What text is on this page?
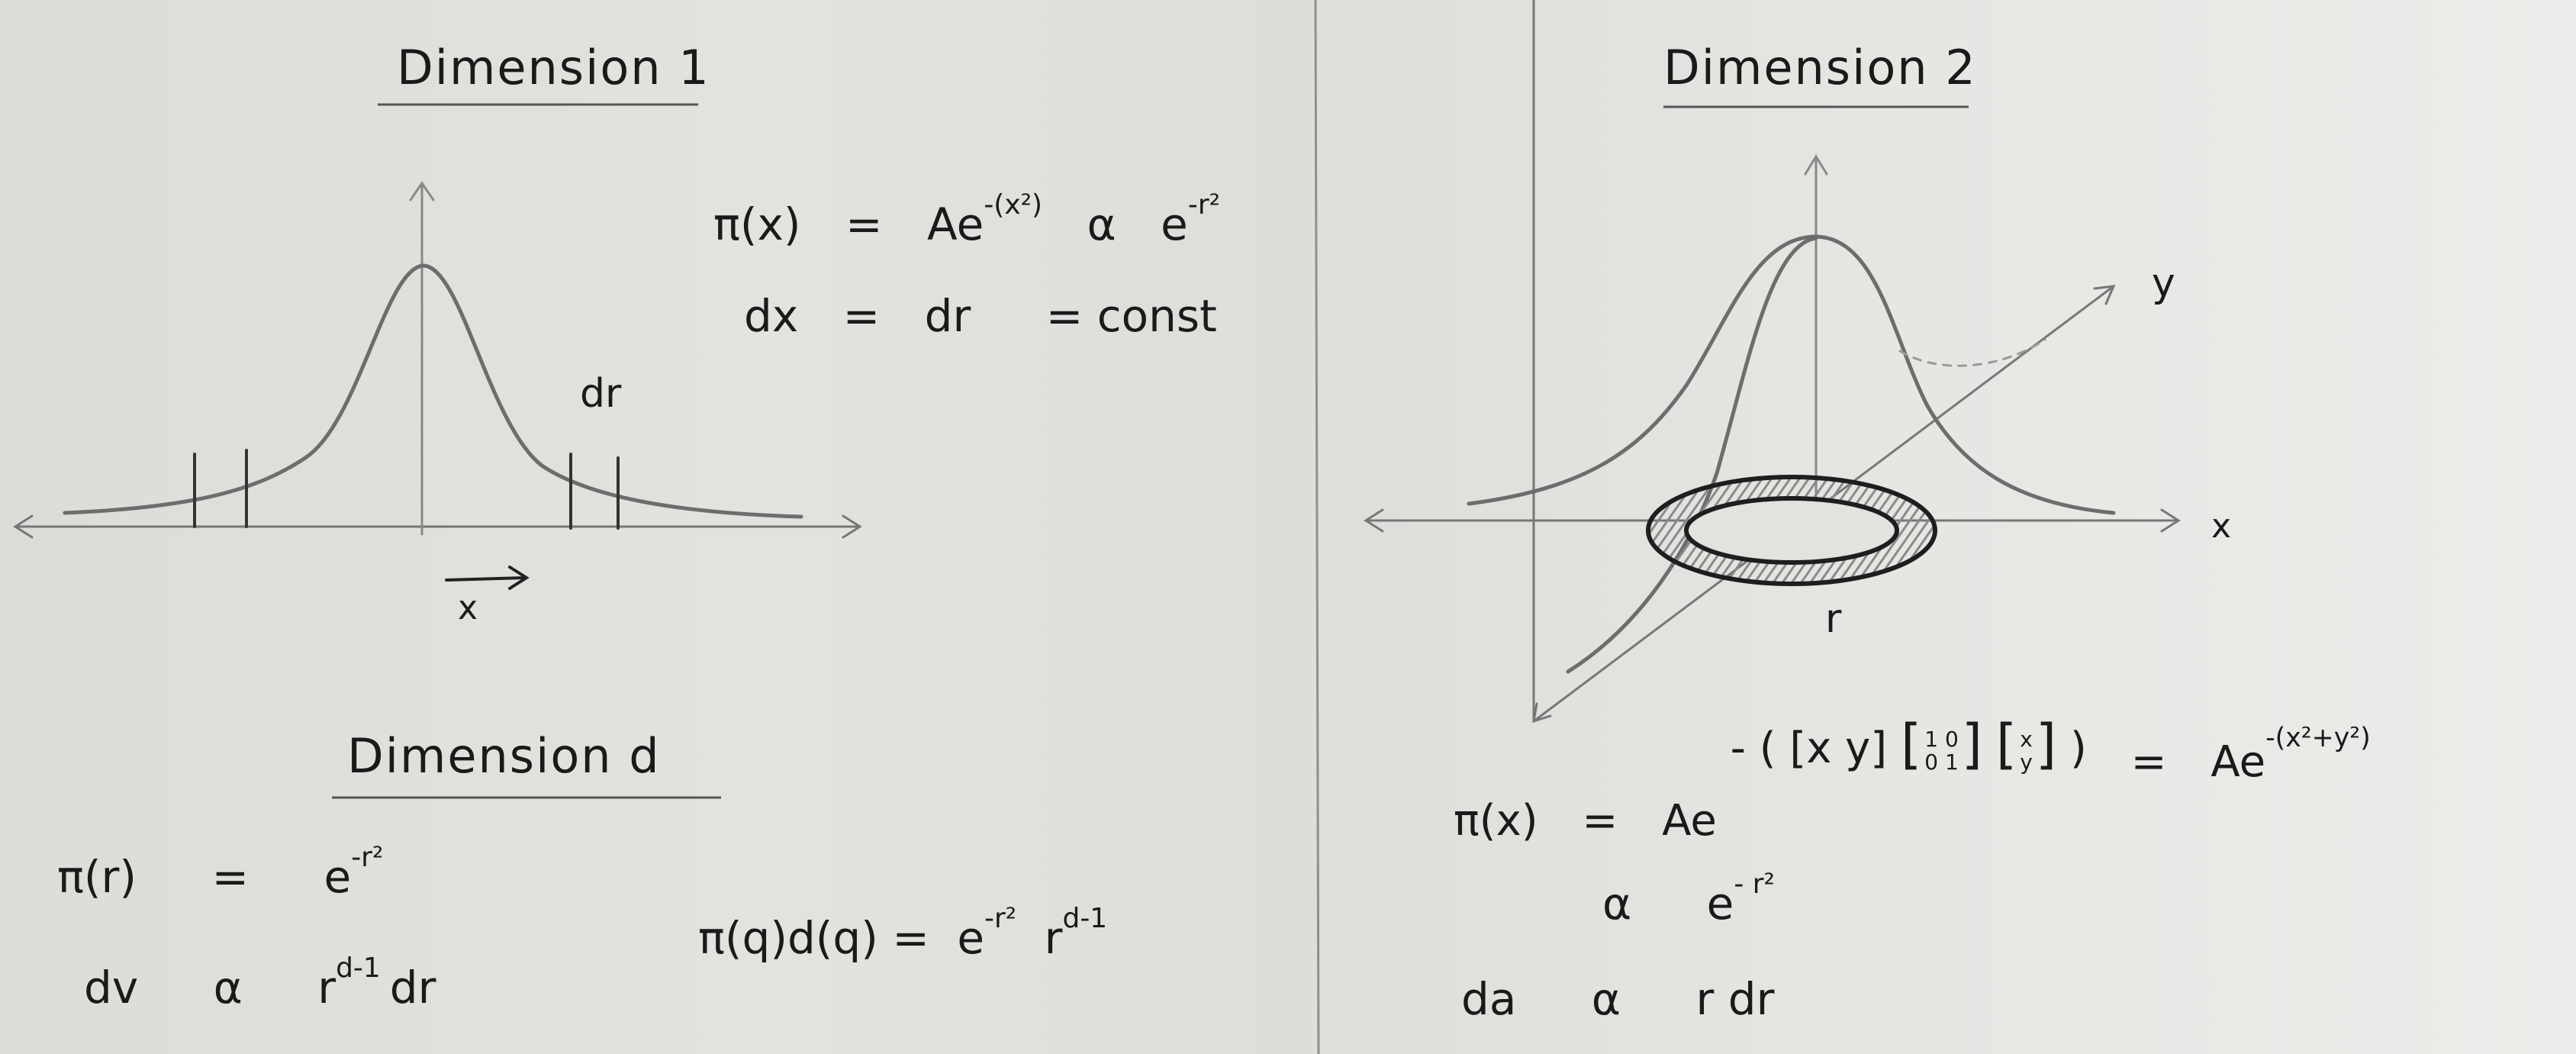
Dimension 1
$\pi(x) = Ae^{-(x^2)}$ α $e^{-r^2}$
dx = dr = const
dr
x
Dimension d
$\pi(r) = e^{-r^2}$
dv α $r^{d-1}$ dr
$\pi(q)d(q) = e^{-r^2}$ $r^{d-1}$
Dimension 2
y
x
r
π(x) = Ae - ( [x y] [ 1 0
0 1] [ x
y] ) = $Ae^{-(x^2+y^2)}$
α $e^{- r^2}$
da α r dr
